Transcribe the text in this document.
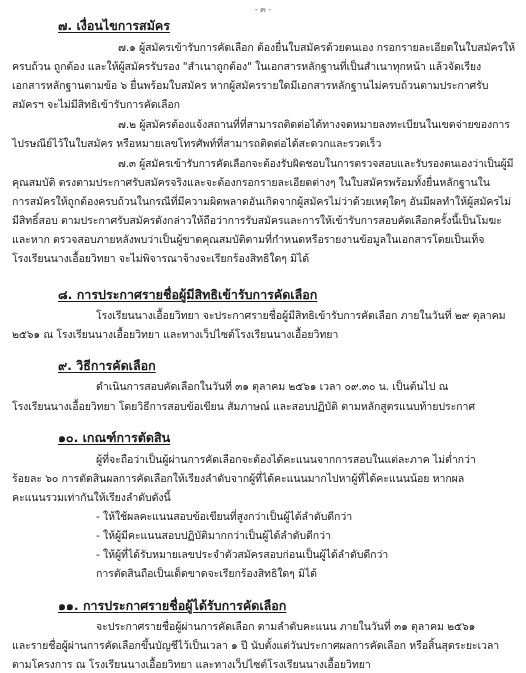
- ๓ -
๗. เงื่อนไขการสมัคร
๗.๑ ผู้สมัครเข้ารับการคัดเลือก ต้องยื่นใบสมัครด้วยตนเอง กรอกรายละเอียดในใบสมัครให้
ครบถ้วน ถูกต้อง และให้ผู้สมัครรับรอง "สำเนาถูกต้อง" ในเอกสารหลักฐานที่เป็นสำเนาทุกหน้า แล้วจัดเรียง
เอกสารหลักฐานตามข้อ ๖ ยื่นพร้อมใบสมัคร หากผู้สมัครรายใดมีเอกสารหลักฐานไม่ครบถ้วนตามประกาศรับ
สมัครฯ จะไม่มีสิทธิเข้ารับการคัดเลือก
๗.๒ ผู้สมัครต้องแจ้งสถานที่ที่สามารถติดต่อได้ทางจดหมายลงทะเบียนในเขตจ่ายของการ
ไปรษณีย์ไว้ในใบสมัคร หรือหมายเลขโทรศัพท์ที่สามารถติดต่อได้สะดวกและรวดเร็ว
๗.๓ ผู้สมัครเข้ารับการคัดเลือกจะต้องรับผิดชอบในการตรวจสอบและรับรองตนเองว่าเป็นผู้มี
คุณสมบัติ ตรงตามประกาศรับสมัครจริงและจะต้องกรอกรายละเอียดต่างๆ ในใบสมัครพร้อมทั้งยื่นหลักฐานใน
การสมัครให้ถูกต้องครบถ้วนในกรณีที่มีความผิดพลาดอันเกิดจากผู้สมัครไม่ว่าด้วยเหตุใดๆ อันมีผลทำให้ผู้สมัครไม่
มีสิทธิ์สอบ ตามประกาศรับสมัครดังกล่าวให้ถือว่าการรับสมัครและการให้เข้ารับการสอบคัดเลือกครั้งนี้เป็นโมฆะ
และหาก ตรวจสอบภายหลังพบว่าเป็นผู้ขาดคุณสมบัติตามที่กำหนดหรือรายงานข้อมูลในเอกสารโดยเป็นเท็จ
โรงเรียนนางเอื้อยวิทยา จะไม่พิจารณาจ้างจะเรียกร้องสิทธิใดๆ มิได้
๘. การประกาศรายชื่อผู้มีสิทธิเข้ารับการคัดเลือก
โรงเรียนนางเอื้อยวิทยา จะประกาศรายชื่อผู้มีสิทธิเข้ารับการคัดเลือก ภายในวันที่ ๒๙ ตุลาคม
๒๕๖๑ ณ โรงเรียนนางเอื้อยวิทยา และทางเว็ปไซต์โรงเรียนนางเอื้อยวิทยา
๙. วิธีการคัดเลือก
ดำเนินการสอบคัดเลือกในวันที่ ๓๑ ตุลาคม ๒๕๖๑ เวลา ๐๙.๓๐ น. เป็นต้นไป ณ
โรงเรียนนางเอื้อยวิทยา โดยวิธีการสอบข้อเขียน สัมภาษณ์ และสอบปฏิบัติ ตามหลักสูตรแนบท้ายประกาศ
๑๐. เกณฑ์การตัดสิน
ผู้ที่จะถือว่าเป็นผู้ผ่านการคัดเลือกจะต้องได้คะแนนจากการสอบในแต่ละภาค ไม่ต่ำกว่า
ร้อยละ ๖๐ การตัดสินผลการคัดเลือกให้เรียงลำดับจากผู้ที่ได้คะแนนมากไปหาผู้ที่ได้คะแนนน้อย หากผล
คะแนนรวมเท่ากันให้เรียงลำดับดังนี้
- ให้ใช้ผลคะแนนสอบข้อเขียนที่สูงกว่าเป็นผู้ได้ลำดับดีกว่า
- ให้ผู้มีคะแนนสอบปฏิบัติมากกว่าเป็นผู้ได้ลำดับดีกว่า
- ให้ผู้ที่ได้รับหมายเลขประจำตัวสมัครสอบก่อนเป็นผู้ได้ลำดับดีกว่า
การตัดสินถือเป็นเด็ดขาดจะเรียกร้องสิทธิใดๆ มิได้
๑๑. การประกาศรายชื่อผู้ได้รับการคัดเลือก
จะประกาศรายชื่อผู้ผ่านการคัดเลือก ตามลำดับคะแนน ภายในวันที่ ๓๑ ตุลาคม ๒๕๖๑
และรายชื่อผู้ผ่านการคัดเลือกขึ้นบัญชีไว้เป็นเวลา ๑ ปี นับตั้งแต่วันประกาศผลการคัดเลือก หรือสิ้นสุดระยะเวลา
ตามโครงการ ณ โรงเรียนนางเอื้อยวิทยา และทางเว็ปไซต์โรงเรียนนางเอื้อยวิทยา
